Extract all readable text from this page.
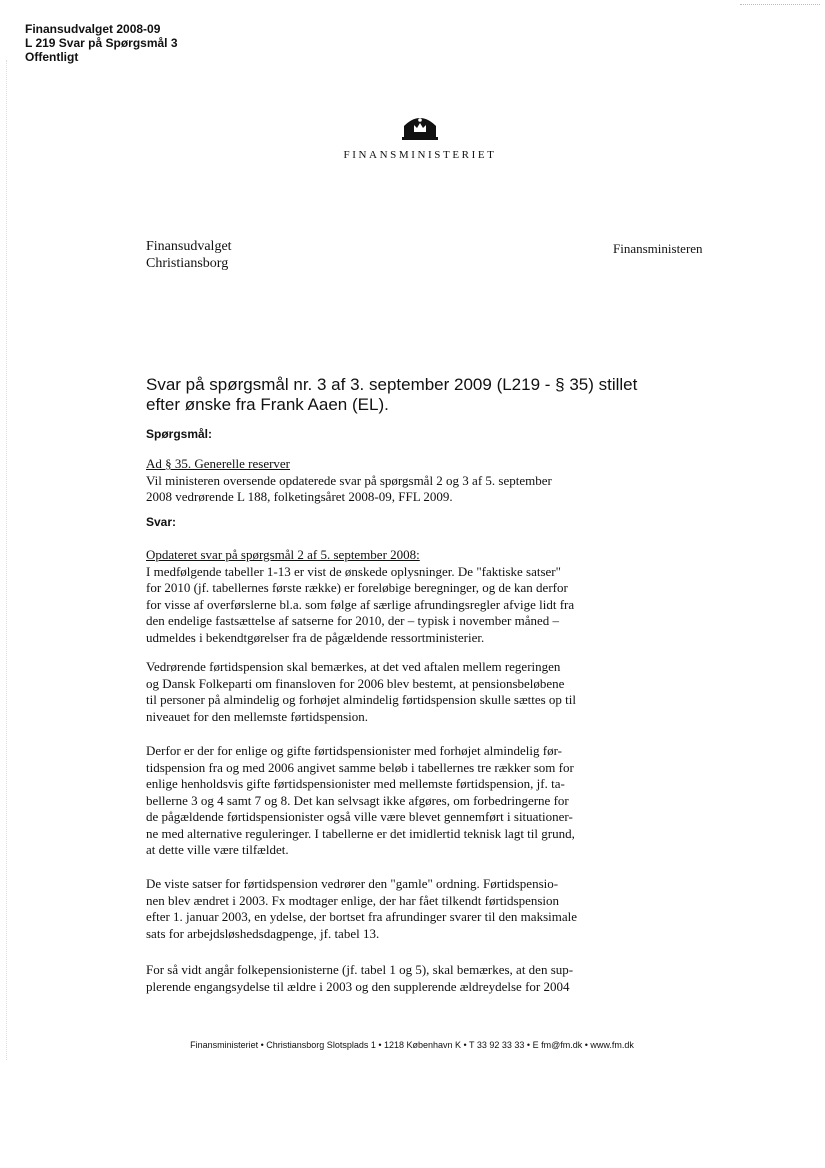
Finansudvalget 2008-09
L 219 Svar på Spørgsmål 3
Offentligt
FINANSMINISTERIET
Finansudvalget
Christiansborg
Finansministeren
Svar på spørgsmål nr. 3 af 3. september 2009 (L219 - § 35) stillet
efter ønske fra Frank Aaen (EL).
Spørgsmål:
Ad § 35. Generelle reserver
Vil ministeren oversende opdaterede svar på spørgsmål 2 og 3 af 5. september
2008 vedrørende L 188, folketingsåret 2008-09, FFL 2009.
Svar:
Opdateret svar på spørgsmål 2 af 5. september 2008:
I medfølgende tabeller 1-13 er vist de ønskede oplysninger. De "faktiske satser"
for 2010 (jf. tabellernes første række) er foreløbige beregninger, og de kan derfor
for visse af overførslerne bl.a. som følge af særlige afrundingsregler afvige lidt fra
den endelige fastsættelse af satserne for 2010, der – typisk i november måned –
udmeldes i bekendtgørelser fra de pågældende ressortministerier.
Vedrørende førtidspension skal bemærkes, at det ved aftalen mellem regeringen
og Dansk Folkeparti om finansloven for 2006 blev bestemt, at pensionsbeløbene
til personer på almindelig og forhøjet almindelig førtidspension skulle sættes op til
niveauet for den mellemste førtidspension.
Derfor er der for enlige og gifte førtidspensionister med forhøjet almindelig før-
tidspension fra og med 2006 angivet samme beløb i tabellernes tre rækker som for
enlige henholdsvis gifte førtidspensionister med mellemste førtidspension, jf. ta-
bellerne 3 og 4 samt 7 og 8. Det kan selvsagt ikke afgøres, om forbedringerne for
de pågældende førtidspensionister også ville være blevet gennemført i situationer-
ne med alternative reguleringer. I tabellerne er det imidlertid teknisk lagt til grund,
at dette ville være tilfældet.
De viste satser for førtidspension vedrører den "gamle" ordning. Førtidspensio-
nen blev ændret i 2003. Fx modtager enlige, der har fået tilkendt førtidspension
efter 1. januar 2003, en ydelse, der bortset fra afrundinger svarer til den maksimale
sats for arbejdsløshedsdagpenge, jf. tabel 13.
For så vidt angår folkepensionisterne (jf. tabel 1 og 5), skal bemærkes, at den sup-
plerende engangsydelse til ældre i 2003 og den supplerende ældreydelse for 2004
Finansministeriet • Christiansborg Slotsplads 1 • 1218 København K • T 33 92 33 33 • E fm@fm.dk • www.fm.dk
